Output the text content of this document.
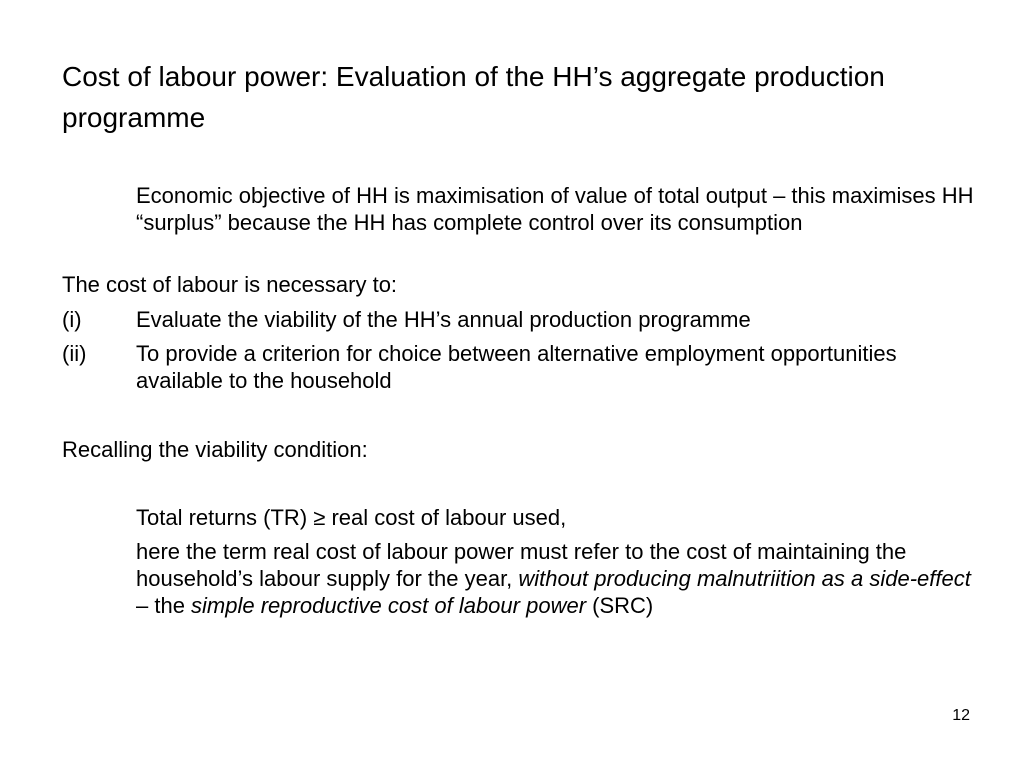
Cost of labour power: Evaluation of the HH’s aggregate production programme

Economic objective of HH is maximisation of value of total output – this maximises HH “surplus” because the HH has complete control over its consumption

The cost of labour is necessary to:

(i)	Evaluate the viability of the HH’s annual production programme
(ii)	To provide a criterion for choice between alternative employment opportunities available to the household

Recalling the viability condition:

Total returns (TR) ≥ real cost of labour used,

here the term real cost of labour power must refer to the cost of maintaining the household’s labour supply for the year, without producing malnutriition as a side-effect – the simple reproductive cost of labour power (SRC)

12
